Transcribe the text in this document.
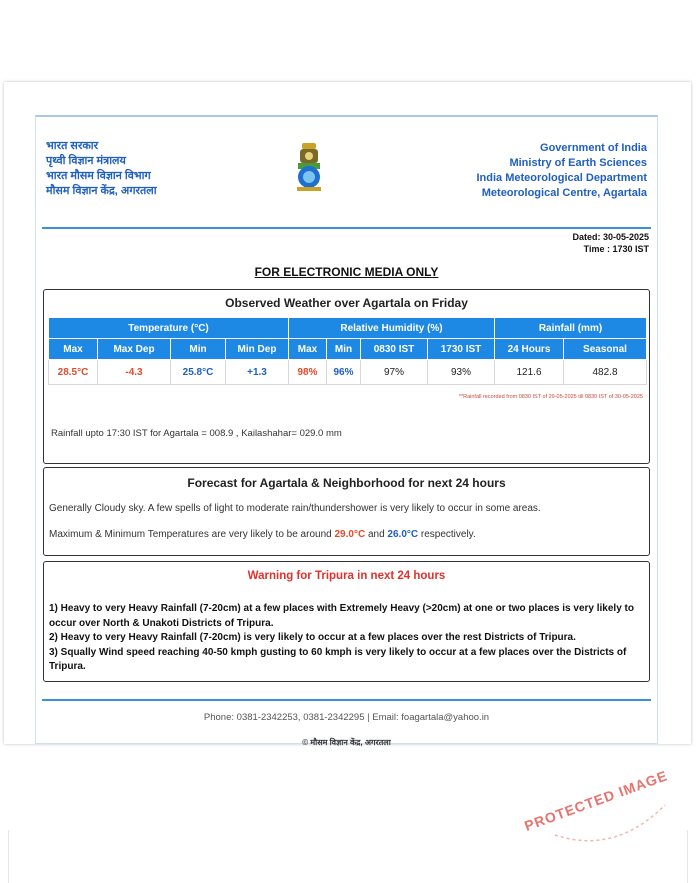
भारत सरकार
पृथ्वी विज्ञान मंत्रालय
भारत मौसम विज्ञान विभाग
मौसम विज्ञान केंद्र, अगरतला
Government of India
Ministry of Earth Sciences
India Meteorological Department
Meteorological Centre, Agartala
Dated: 30-05-2025
Time : 1730 IST
FOR ELECTRONIC MEDIA ONLY
Observed Weather over Agartala on Friday
Temperature (°C)				Relative Humidity (%)				Rainfall (mm)	
Max	Max Dep	Min	Min Dep	Max	Min	0830 IST	1730 IST	24 Hours	Seasonal
28.5°C	-4.3	25.8°C	+1.3	98%	96%	97%	93%	121.6	482.8
**Rainfall recorded from 0830 IST of 29-05-2025 till 0830 IST of 30-05-2025
Rainfall upto 17:30 IST for Agartala = 008.9 , Kailashahar= 029.0 mm
Forecast for Agartala & Neighborhood for next 24 hours

Generally Cloudy sky. A few spells of light to moderate rain/thundershower is very likely to occur in some areas.

Maximum & Minimum Temperatures are very likely to be around 29.0°C and 26.0°C respectively.

Warning for Tripura in next 24 hours
1) Heavy to very Heavy Rainfall (7-20cm) at a few places with Extremely Heavy (>20cm) at one or two places is very likely to occur over North & Unakoti Districts of Tripura.
2) Heavy to very Heavy Rainfall (7-20cm) is very likely to occur at a few places over the rest Districts of Tripura.
3) Squally Wind speed reaching 40-50 kmph gusting to 60 kmph is very likely to occur at a few places over the Districts of Tripura.
Phone: 0381-2342253, 0381-2342295 | Email: foagartala@yahoo.in
© मौसम विज्ञान केंद्र, अगरतला
PROTECTED IMAGE
